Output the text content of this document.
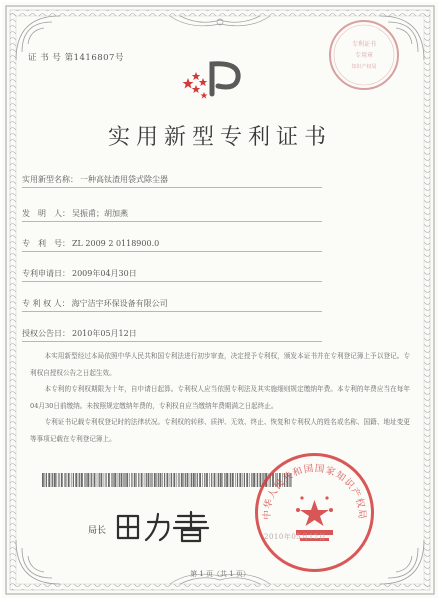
证 书 号 第1416807号
专利证书
专用章
知识产权局
实用新型专利证书
实用新型名称： 一种高钛渣用袋式除尘器
发　明　人： 吴振甫；胡加燕
专　利　号： ZL 2009 2 0118900.0
专利申请日： 2009年04月30日
专 利 权 人： 海宁洁宇环保设备有限公司
授权公告日： 2010年05月12日

本实用新型经过本局依照中华人民共和国专利法进行初步审查，决定授予专利权，颁发本证书并在专利登记簿上予以登记。专利权自授权公告之日起生效。

本专利的专利权期限为十年，自申请日起算。专利权人应当依照专利法及其实施细则规定缴纳年费。本专利的年费应当在每年04月30日前缴纳。未按照规定缴纳年费的，专利权自应当缴纳年费期满之日起终止。

专利证书记载专利权登记时的法律状况。专利权的转移、质押、无效、终止、恢复和专利权人的姓名或名称、国籍、地址变更等事项记载在专利登记簿上。

局长
中华人民共和国国家知识产权局
2010年05月12日
第 1 页（共 1 页）
